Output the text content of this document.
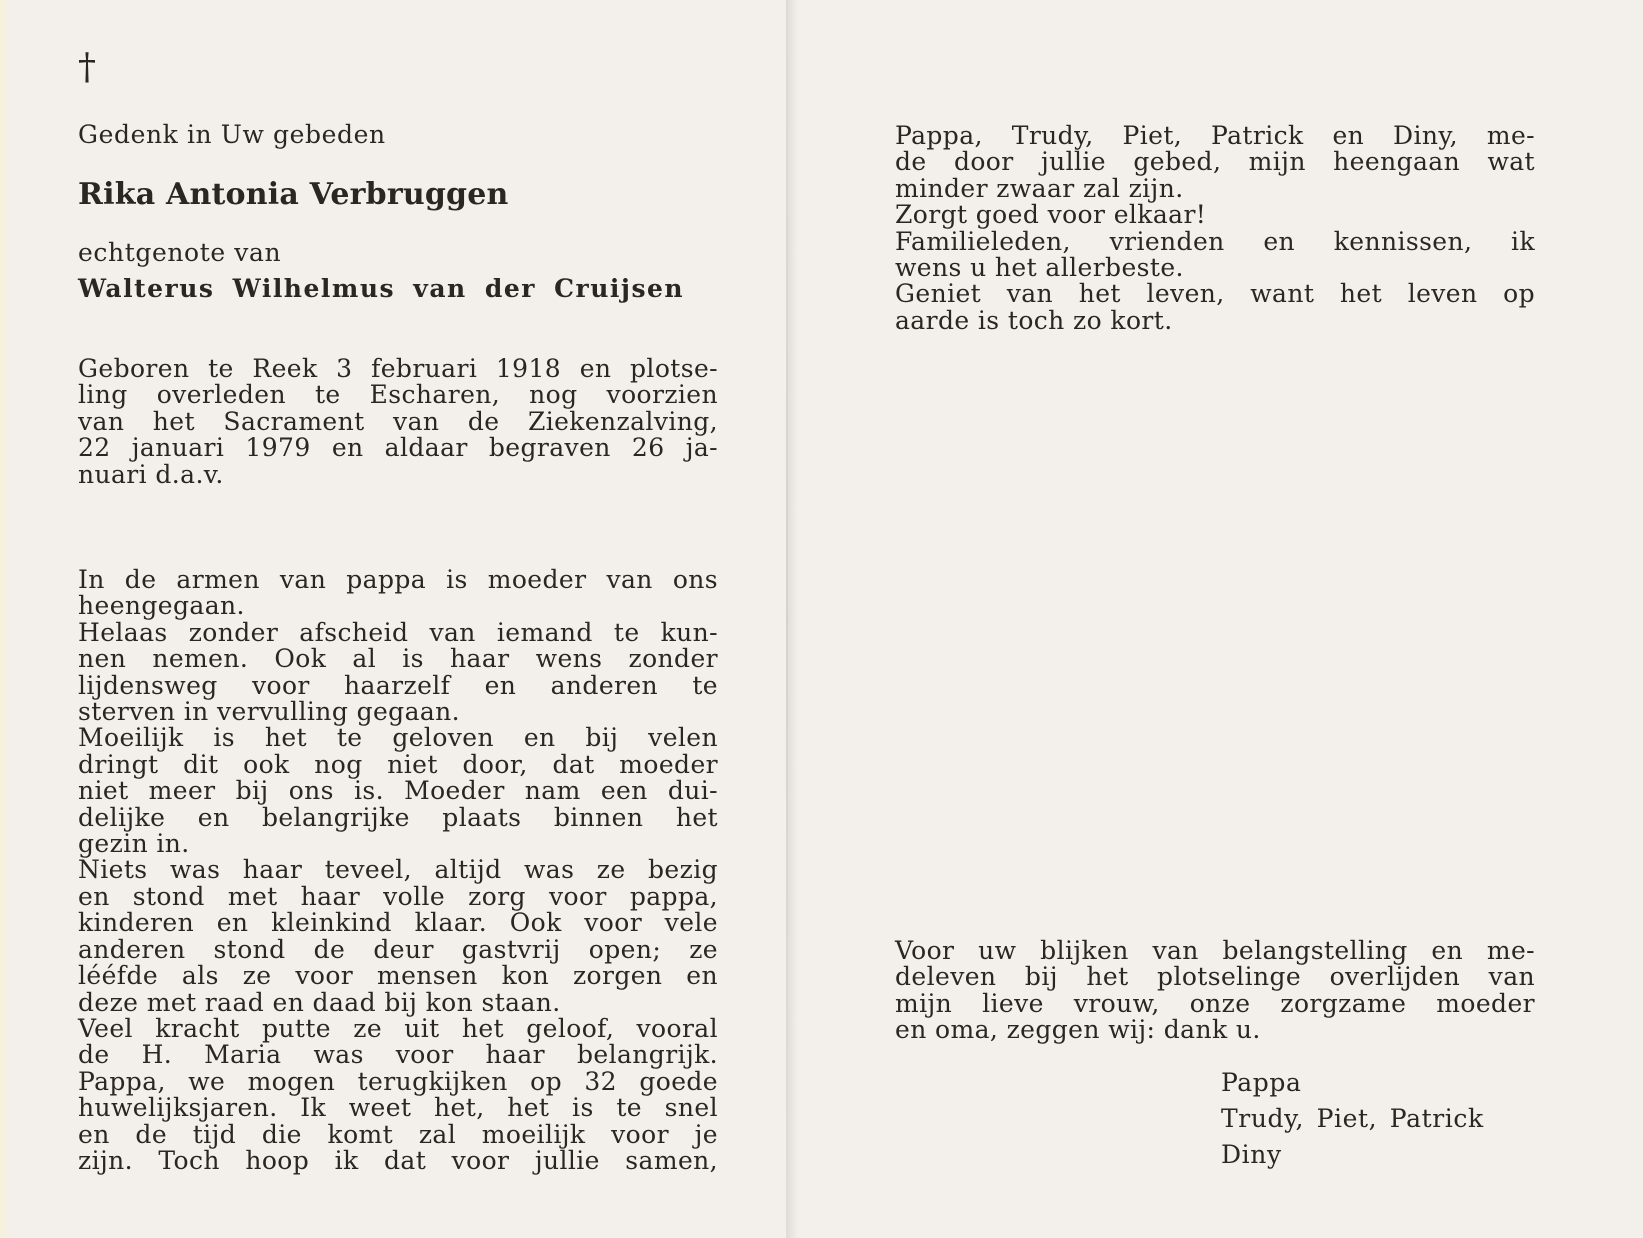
†
Gedenk in Uw gebeden
Rika Antonia Verbruggen
echtgenote van
Walterus Wilhelmus van der Cruijsen
Geboren te Reek 3 februari 1918 en plotse-
ling overleden te Escharen, nog voorzien
van het Sacrament van de Ziekenzalving,
22 januari 1979 en aldaar begraven 26 ja-
nuari d.a.v.
In de armen van pappa is moeder van ons
heengegaan.
Helaas zonder afscheid van iemand te kun-
nen nemen. Ook al is haar wens zonder
lijdensweg voor haarzelf en anderen te
sterven in vervulling gegaan.
Moeilijk is het te geloven en bij velen
dringt dit ook nog niet door, dat moeder
niet meer bij ons is. Moeder nam een dui-
delijke en belangrijke plaats binnen het
gezin in.
Niets was haar teveel, altijd was ze bezig
en stond met haar volle zorg voor pappa,
kinderen en kleinkind klaar. Ook voor vele
anderen stond de deur gastvrij open; ze
lééfde als ze voor mensen kon zorgen en
deze met raad en daad bij kon staan.
Veel kracht putte ze uit het geloof, vooral
de H. Maria was voor haar belangrijk.
Pappa, we mogen terugkijken op 32 goede
huwelijksjaren. Ik weet het, het is te snel
en de tijd die komt zal moeilijk voor je
zijn. Toch hoop ik dat voor jullie samen,
Pappa, Trudy, Piet, Patrick en Diny, me-
de door jullie gebed, mijn heengaan wat
minder zwaar zal zijn.
Zorgt goed voor elkaar!
Familieleden, vrienden en kennissen, ik
wens u het allerbeste.
Geniet van het leven, want het leven op
aarde is toch zo kort.
Voor uw blijken van belangstelling en me-
deleven bij het plotselinge overlijden van
mijn lieve vrouw, onze zorgzame moeder
en oma, zeggen wij: dank u.
Pappa
Trudy, Piet, Patrick
Diny
